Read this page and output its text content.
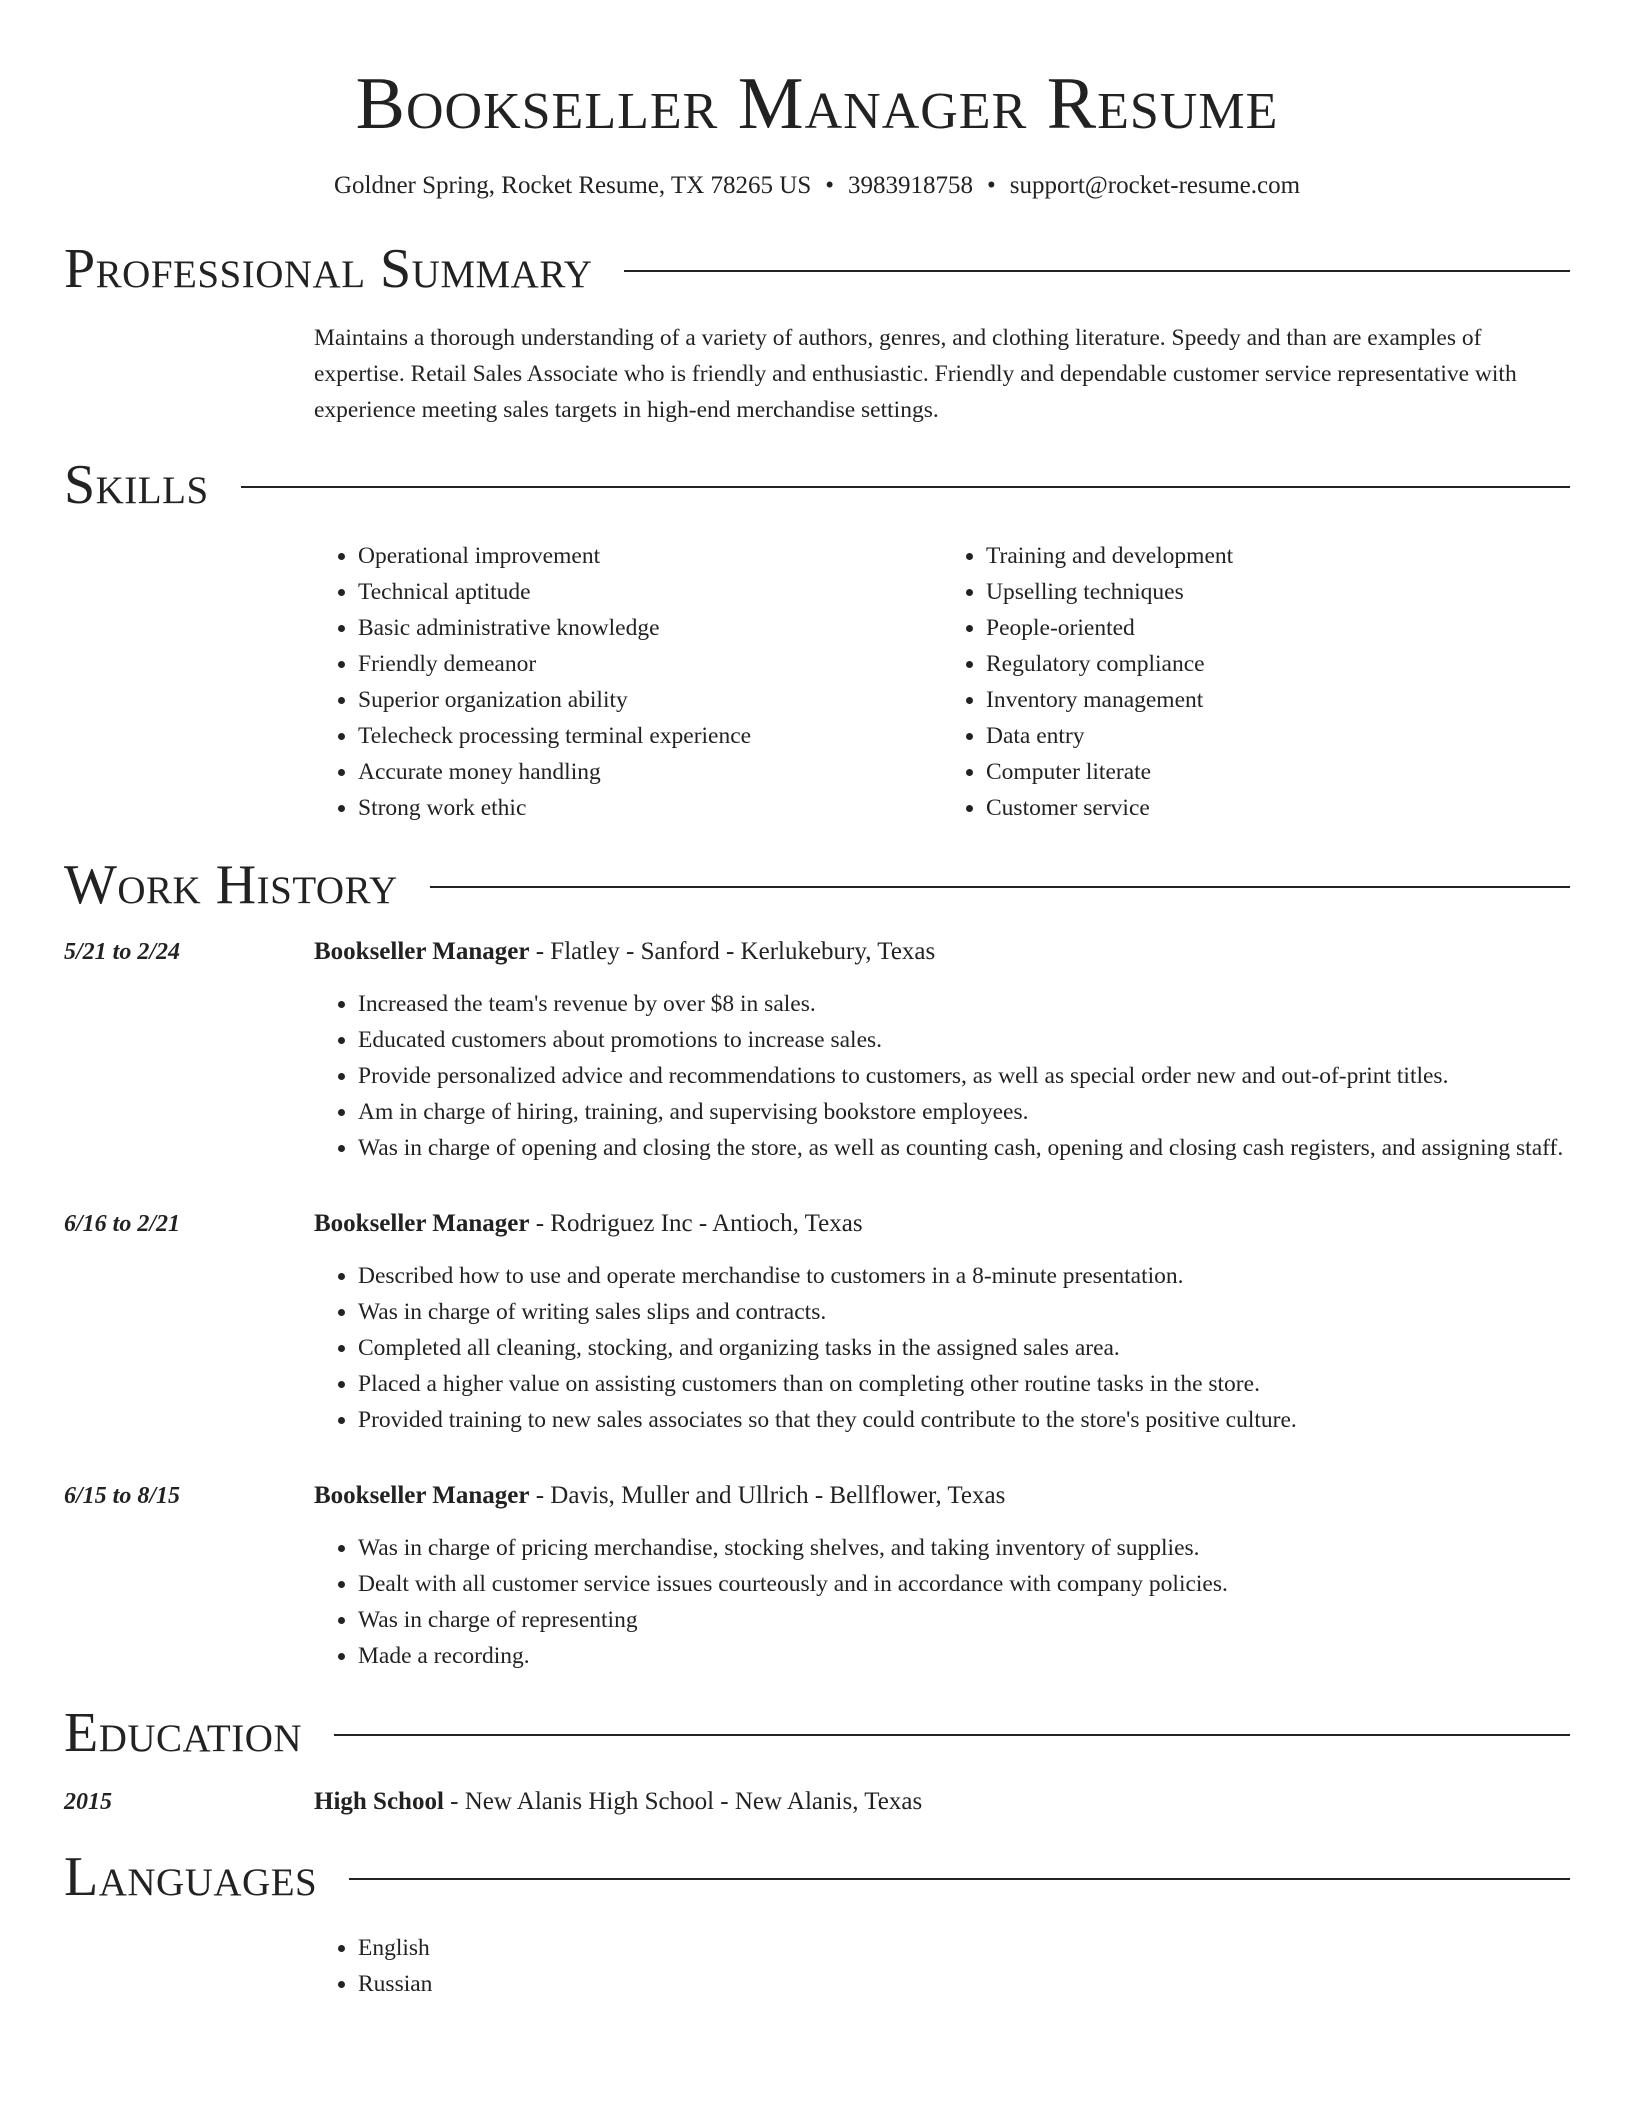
Bookseller Manager Resume
Goldner Spring, Rocket Resume, TX 78265 US • 3983918758 • support@rocket-resume.com
Professional Summary
Maintains a thorough understanding of a variety of authors, genres, and clothing literature. Speedy and than are examples of expertise. Retail Sales Associate who is friendly and enthusiastic. Friendly and dependable customer service representative with experience meeting sales targets in high-end merchandise settings.
Skills
• Operational improvement
• Technical aptitude
• Basic administrative knowledge
• Friendly demeanor
• Superior organization ability
• Telecheck processing terminal experience
• Accurate money handling
• Strong work ethic
• Training and development
• Upselling techniques
• People-oriented
• Regulatory compliance
• Inventory management
• Data entry
• Computer literate
• Customer service
Work History
5/21 to 2/24	Bookseller Manager - Flatley - Sanford - Kerlukebury, Texas
• Increased the team's revenue by over $8 in sales.
• Educated customers about promotions to increase sales.
• Provide personalized advice and recommendations to customers, as well as special order new and out-of-print titles.
• Am in charge of hiring, training, and supervising bookstore employees.
• Was in charge of opening and closing the store, as well as counting cash, opening and closing cash registers, and assigning staff.
6/16 to 2/21	Bookseller Manager - Rodriguez Inc - Antioch, Texas
• Described how to use and operate merchandise to customers in a 8-minute presentation.
• Was in charge of writing sales slips and contracts.
• Completed all cleaning, stocking, and organizing tasks in the assigned sales area.
• Placed a higher value on assisting customers than on completing other routine tasks in the store.
• Provided training to new sales associates so that they could contribute to the store's positive culture.
6/15 to 8/15	Bookseller Manager - Davis, Muller and Ullrich - Bellflower, Texas
• Was in charge of pricing merchandise, stocking shelves, and taking inventory of supplies.
• Dealt with all customer service issues courteously and in accordance with company policies.
• Was in charge of representing
• Made a recording.
Education
2015	High School - New Alanis High School - New Alanis, Texas
Languages
• English
• Russian
